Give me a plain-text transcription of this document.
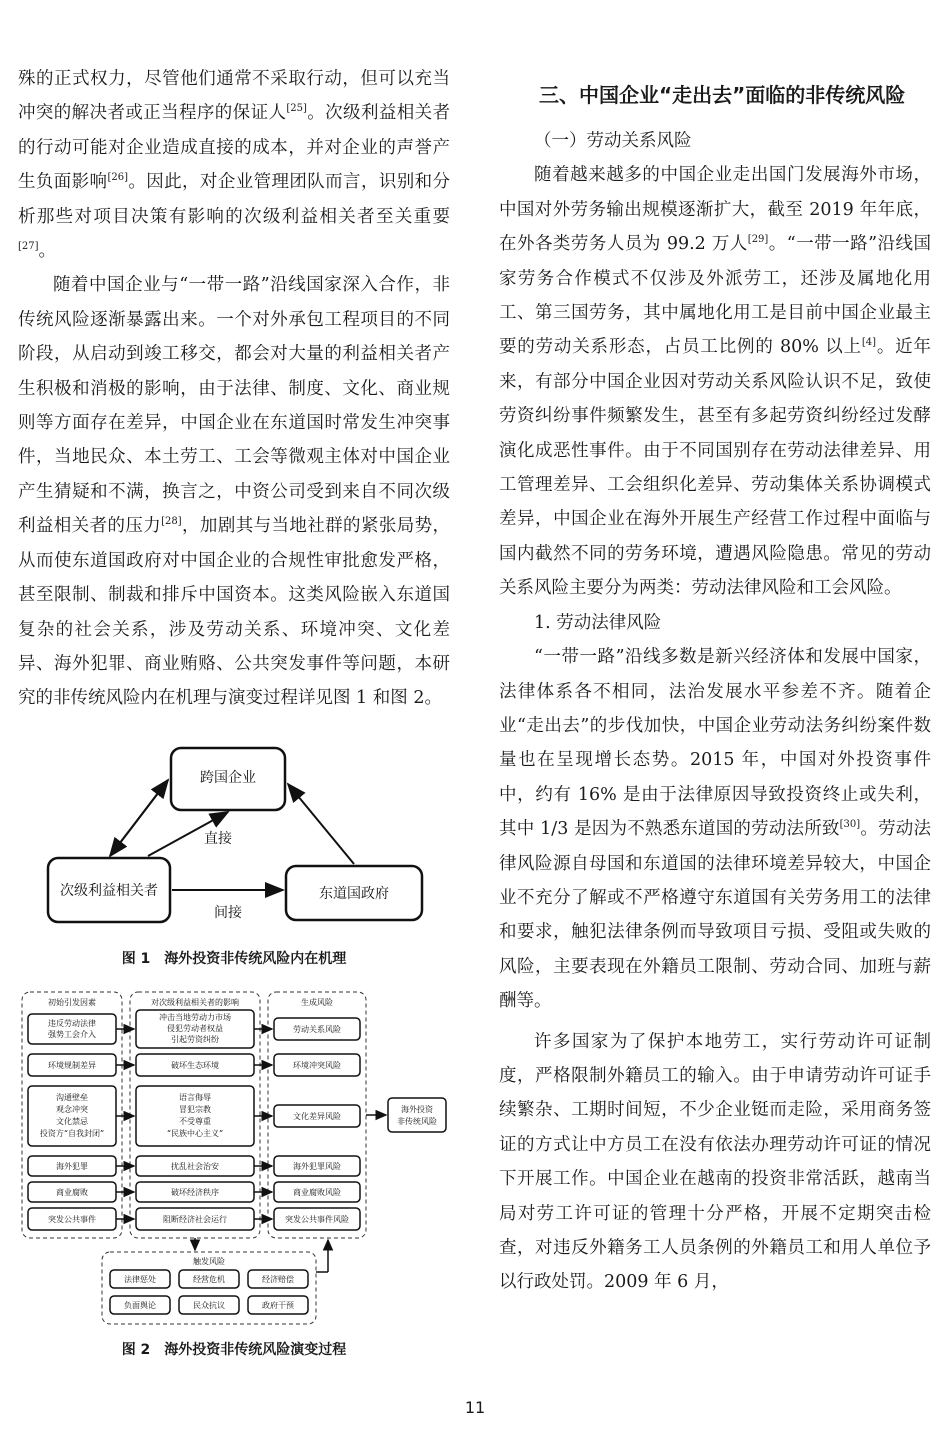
殊的正式权力，尽管他们通常不采取行动，但可以充当冲突的解决者或正当程序的保证人[25]。次级利益相关者的行动可能对企业造成直接的成本，并对企业的声誉产生负面影响[26]。因此，对企业管理团队而言，识别和分析那些对项目决策有影响的次级利益相关者至关重要[27]。

随着中国企业与“一带一路”沿线国家深入合作，非传统风险逐渐暴露出来。一个对外承包工程项目的不同阶段，从启动到竣工移交，都会对大量的利益相关者产生积极和消极的影响，由于法律、制度、文化、商业规则等方面存在差异，中国企业在东道国时常发生冲突事件，当地民众、本土劳工、工会等微观主体对中国企业产生猜疑和不满，换言之，中资公司受到来自不同次级利益相关者的压力[28]，加剧其与当地社群的紧张局势，从而使东道国政府对中国企业的合规性审批愈发严格，甚至限制、制裁和排斥中国资本。这类风险嵌入东道国复杂的社会关系，涉及劳动关系、环境冲突、文化差异、海外犯罪、商业贿赂、公共突发事件等问题，本研究的非传统风险内在机理与演变过程详见图 1 和图 2。

跨国企业
次级利益相关者	东道国政府
直接
间接
图 1　海外投资非传统风险内在机理
初始引发因素	对次级利益相关者的影响	生成风险
违反劳动法律
强势工会介入
冲击当地劳动力市场
侵犯劳动者权益
引起劳资纠纷
劳动关系风险
环境规制差异	破坏生态环境	环境冲突风险
沟通壁垒
观念冲突
文化禁忌
投资方“自我封闭”
语言侮辱
冒犯宗教
不受尊重
“民族中心主义”
文化差异风险
海外犯罪	扰乱社会治安	海外犯罪风险
商业腐败	破坏经济秩序	商业腐败风险
突发公共事件	阻断经济社会运行	突发公共事件风险
海外投资
非传统风险
触发风险
法律惩处	经营危机	经济赔偿
负面舆论	民众抗议	政府干预
图 2　海外投资非传统风险演变过程

三、中国企业“走出去”面临的非传统风险

（一）劳动关系风险

随着越来越多的中国企业走出国门发展海外市场，中国对外劳务输出规模逐渐扩大，截至 2019 年年底，在外各类劳务人员为 99.2 万人[29]。“一带一路”沿线国家劳务合作模式不仅涉及外派劳工，还涉及属地化用工、第三国劳务，其中属地化用工是目前中国企业最主要的劳动关系形态，占员工比例的 80% 以上[4]。近年来，有部分中国企业因对劳动关系风险认识不足，致使劳资纠纷事件频繁发生，甚至有多起劳资纠纷经过发酵演化成恶性事件。由于不同国别存在劳动法律差异、用工管理差异、工会组织化差异、劳动集体关系协调模式差异，中国企业在海外开展生产经营工作过程中面临与国内截然不同的劳务环境，遭遇风险隐患。常见的劳动关系风险主要分为两类：劳动法律风险和工会风险。

1. 劳动法律风险

“一带一路”沿线多数是新兴经济体和发展中国家，法律体系各不相同，法治发展水平参差不齐。随着企业“走出去”的步伐加快，中国企业劳动法务纠纷案件数量也在呈现增长态势。2015 年，中国对外投资事件中，约有 16% 是由于法律原因导致投资终止或失利，其中 1/3 是因为不熟悉东道国的劳动法所致[30]。劳动法律风险源自母国和东道国的法律环境差异较大，中国企业不充分了解或不严格遵守东道国有关劳务用工的法律和要求，触犯法律条例而导致项目亏损、受阻或失败的风险，主要表现在外籍员工限制、劳动合同、加班与薪酬等。

许多国家为了保护本地劳工，实行劳动许可证制度，严格限制外籍员工的输入。由于申请劳动许可证手续繁杂、工期时间短，不少企业铤而走险，采用商务签证的方式让中方员工在没有依法办理劳动许可证的情况下开展工作。中国企业在越南的投资非常活跃，越南当局对劳工许可证的管理十分严格，开展不定期突击检查，对违反外籍务工人员条例的外籍员工和用人单位予以行政处罚。2009 年 6 月，

11
